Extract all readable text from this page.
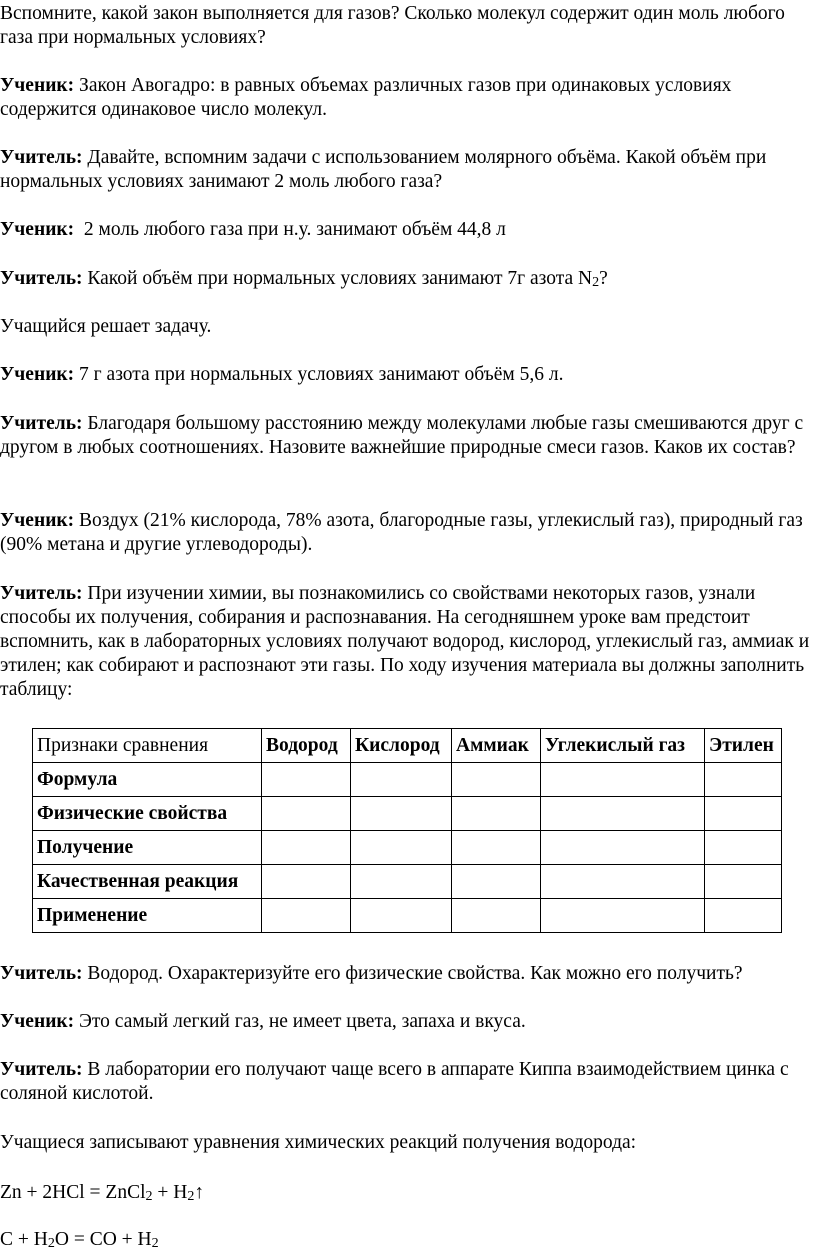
Вспомните, какой закон выполняется для газов? Сколько молекул содержит один моль любого газа при нормальных условиях?

Ученик: Закон Авогадро: в равных объемах различных газов при одинаковых условиях содержится одинаковое число молекул.

Учитель: Давайте, вспомним задачи с использованием молярного объёма. Какой объём при нормальных условиях занимают 2 моль любого газа?

Ученик:  2 моль любого газа при н.у. занимают объём 44,8 л

Учитель: Какой объём при нормальных условиях занимают 7г азота $N_2$?

Учащийся решает задачу.

Ученик: 7 г азота при нормальных условиях занимают объём 5,6 л.

Учитель: Благодаря большому расстоянию между молекулами любые газы смешиваются друг с другом в любых соотношениях. Назовите важнейшие природные смеси газов. Каков их состав?

Ученик: Воздух (21% кислорода, 78% азота, благородные газы, углекислый газ), природный газ (90% метана и другие углеводороды).

Учитель: При изучении химии, вы познакомились со свойствами некоторых газов, узнали способы их получения, собирания и распознавания. На сегодняшнем уроке вам предстоит вспомнить, как в лабораторных условиях получают водород, кислород, углекислый газ, аммиак и этилен; как собирают и распознают эти газы. По ходу изучения материала вы должны заполнить таблицу:

Признаки сравнения	Водород	Кислород	Аммиак	Углекислый газ	Этилен
Формула					
Физические свойства					
Получение					
Качественная реакция					
Применение					

Учитель: Водород. Охарактеризуйте его физические свойства. Как можно его получить?

Ученик: Это самый легкий газ, не имеет цвета, запаха и вкуса.

Учитель: В лаборатории его получают чаще всего в аппарате Киппа взаимодействием цинка с соляной кислотой.

Учащиеся записывают уравнения химических реакций получения водорода:

Zn + 2HCl = ZnCl$_2$ + $H_2↑$

$C + H_2O$ = CO + $H_2$
